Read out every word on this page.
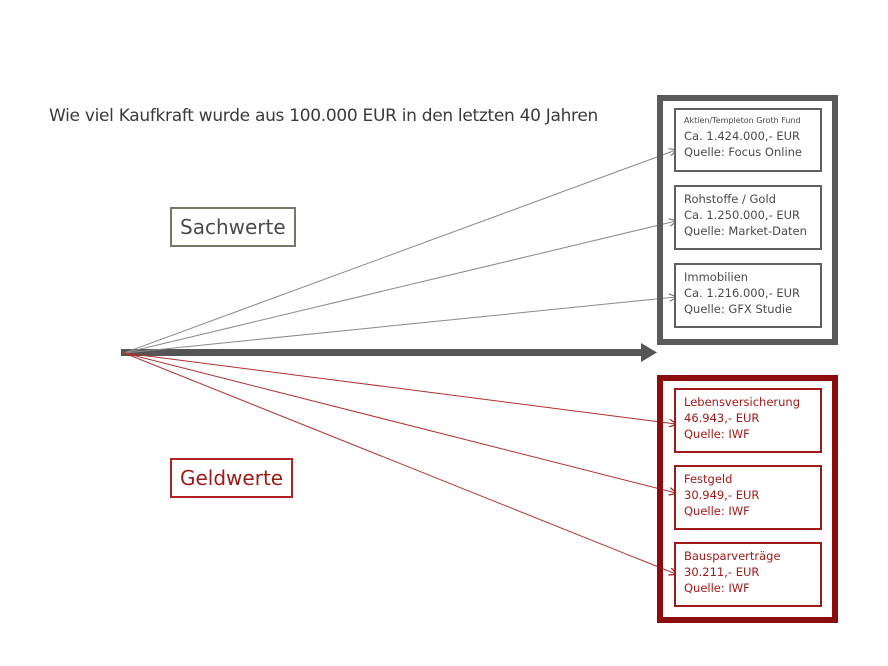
Wie viel Kaufkraft wurde aus 100.000 EUR in den letzten 40 Jahren
Sachwerte
Geldwerte
Aktien/Templeton Groth Fund
Ca. 1.424.000,- EUR
Quelle: Focus Online
Rohstoffe / Gold
Ca. 1.250.000,- EUR
Quelle: Market-Daten
Immobilien
Ca. 1.216.000,- EUR
Quelle: GFX Studie
Lebensversicherung
46.943,- EUR
Quelle: IWF
Festgeld
30.949,- EUR
Quelle: IWF
Bausparverträge
30.211,- EUR
Quelle: IWF
